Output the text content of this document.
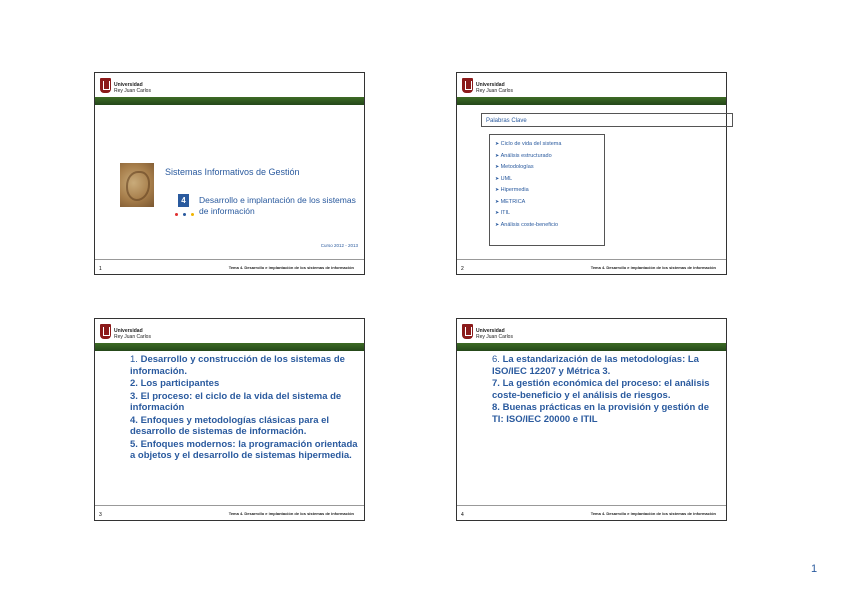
Universidad
Rey Juan Carlos
Sistemas Informativos de Gestión
4	Desarrollo e implantación de los sistemas de información
Curso 2012 - 2013
1	Tema 4. Desarrollo e implantación de los sistemas de información
Universidad
Rey Juan Carlos
Palabras Clave
➤ Ciclo de vida del sistema
➤ Análisis estructurado
➤ Metodologías
➤ UML
➤ Hipermedia
➤ METRICA
➤ ITIL
➤ Análisis coste-beneficio
2	Tema 4. Desarrollo e implantación de los sistemas de información
Universidad
Rey Juan Carlos

1. Desarrollo y construcción de los sistemas de información.

2. Los participantes

3. El proceso: el ciclo de la vida del sistema de información

4. Enfoques y metodologías clásicas para el desarrollo de sistemas de información.

5. Enfoques modernos: la programación orientada a objetos y el desarrollo de sistemas hipermedia.

3	Tema 4. Desarrollo e implantación de los sistemas de información
Universidad
Rey Juan Carlos

6. La estandarización de las metodologías: La ISO/IEC 12207 y Métrica 3.

7. La gestión económica del proceso: el análisis coste-beneficio y el análisis de riesgos.

8. Buenas prácticas en la provisión y gestión de TI: ISO/IEC 20000 e ITIL

4	Tema 4. Desarrollo e implantación de los sistemas de información
1
